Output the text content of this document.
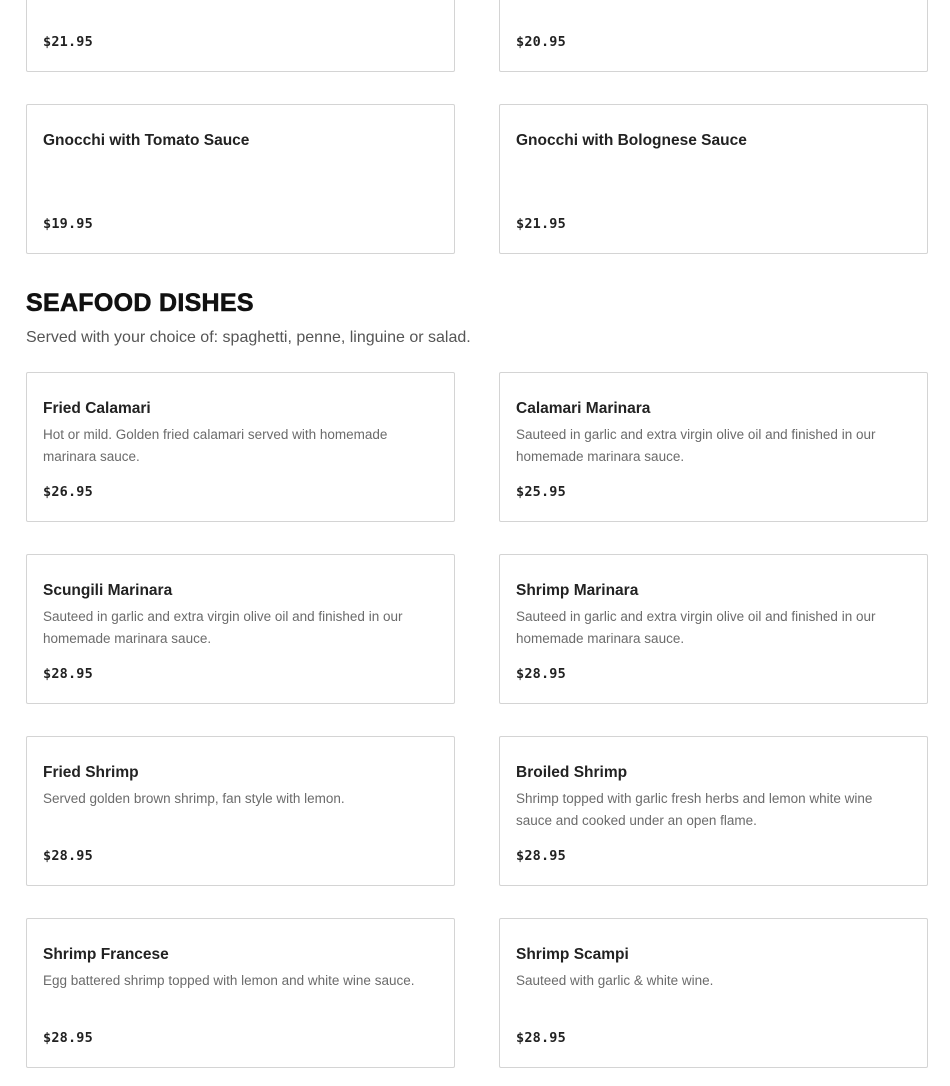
$21.95	$20.95
Gnocchi with Tomato Sauce
$19.95
Gnocchi with Bolognese Sauce
$21.95
SEAFOOD DISHES
Served with your choice of: spaghetti, penne, linguine or salad.
Fried Calamari
Hot or mild. Golden fried calamari served with homemade marinara sauce.
$26.95
Calamari Marinara
Sauteed in garlic and extra virgin olive oil and finished in our homemade marinara sauce.
$25.95
Scungili Marinara
Sauteed in garlic and extra virgin olive oil and finished in our homemade marinara sauce.
$28.95
Shrimp Marinara
Sauteed in garlic and extra virgin olive oil and finished in our homemade marinara sauce.
$28.95
Fried Shrimp
Served golden brown shrimp, fan style with lemon.
$28.95
Broiled Shrimp
Shrimp topped with garlic fresh herbs and lemon white wine sauce and cooked under an open flame.
$28.95
Shrimp Francese
Egg battered shrimp topped with lemon and white wine sauce.
$28.95
Shrimp Scampi
Sauteed with garlic & white wine.
$28.95
